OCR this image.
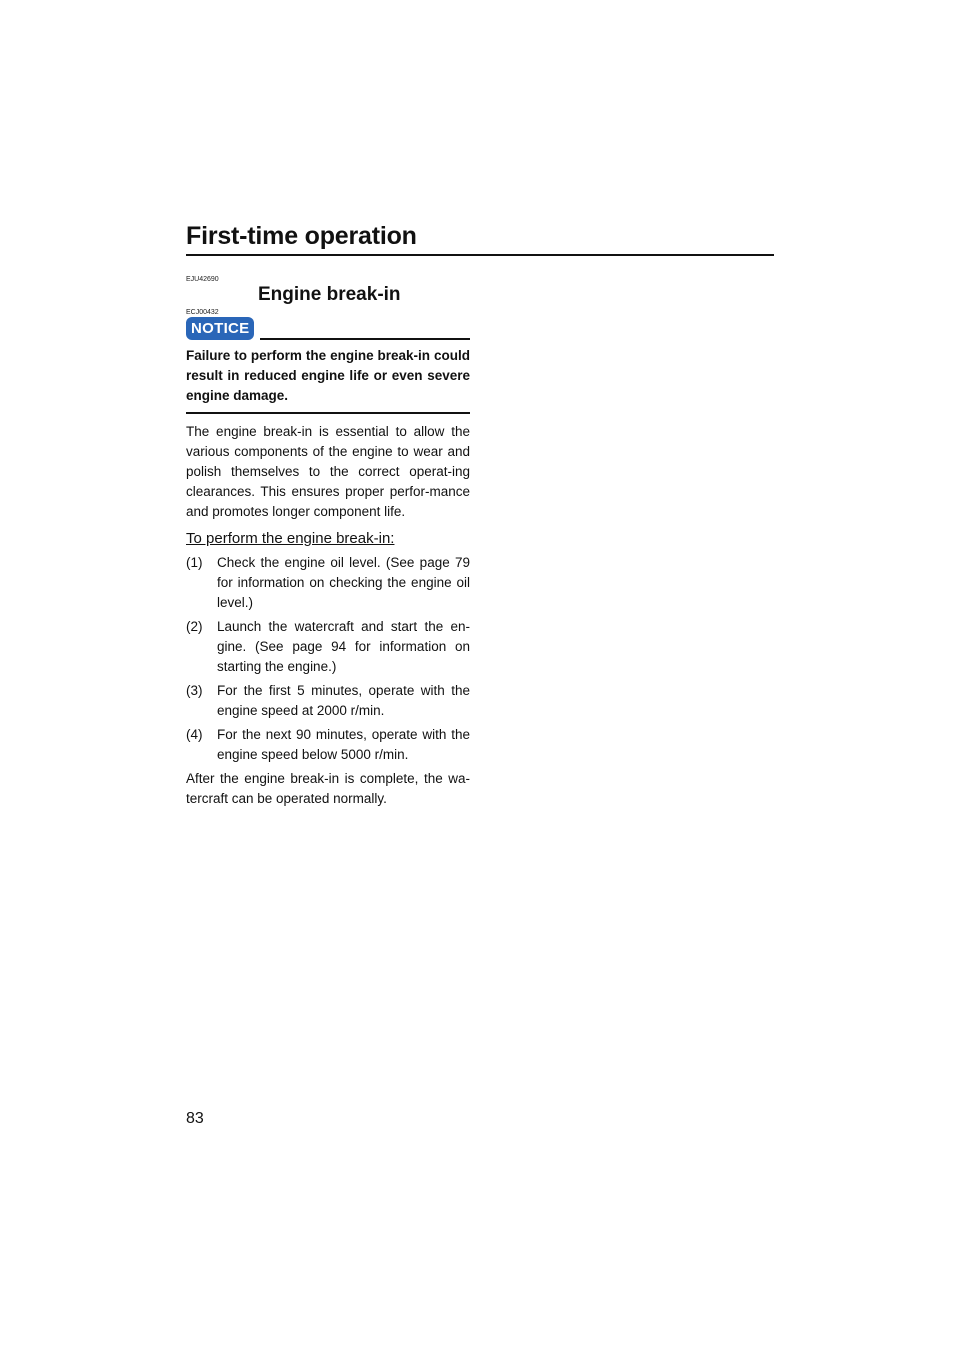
First-time operation
83
EJU42690
Engine break-in
ECJ00432
NOTICE

Failure to perform the engine break-in could result in reduced engine life or even severe engine damage.

The engine break-in is essential to allow the various components of the engine to wear and polish themselves to the correct operat-ing clearances. This ensures proper perfor-mance and promotes longer component life.

To perform the engine break-in:
(1) Check the engine oil level. (See page 79 for information on checking the engine oil level.)
(2) Launch the watercraft and start the en-gine. (See page 94 for information on starting the engine.)
(3) For the first 5 minutes, operate with the engine speed at 2000 r/min.
(4) For the next 90 minutes, operate with the engine speed below 5000 r/min.

After the engine break-in is complete, the wa-tercraft can be operated normally.
